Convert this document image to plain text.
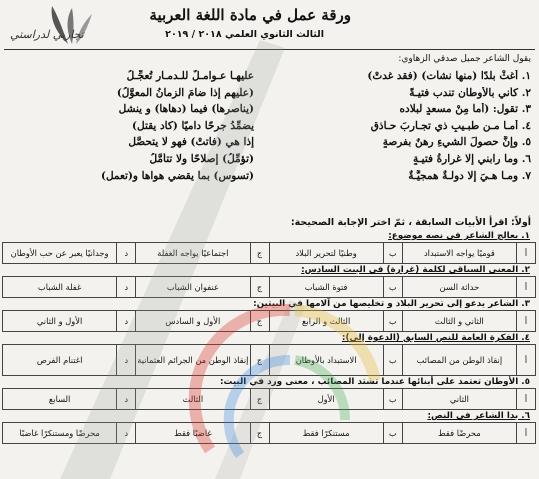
ورقة عمل في مادة اللغة العربية
الثالث الثانوي العلمي ٢٠١٨ / ٢٠١٩
تجاربي لدراستي
يقول الشاعر جميل صدقي الزهاوي:
١. أغثْ بلدًا (منها نشأت) (فقد غدتْ)
عليهـا عـوامـلٌ للـدمـار تُعجِّـلُ
٢. كأني بالأوطان تندب فتيـةً
(عليهم إذا ضامَ الزمانُ المعوَّلُ)
٣. تقول: (أما مِنْ مسعدٍ لبلاده
(يناصرها) فيما (دهاها) و ينشل
٤. أمـا مـن طبـيبٍ ذي تجـاربَ حـاذقٍ
يضمِّدُ جرحًا داميًا (كاد يقتل)
٥. وإنَّ حصولَ الشيءِ رهنٌ بفرصةٍ
إذا هي (فاتتْ) فهو لا يتحصَّل
٦. وما رابني إلا غرارةُ فتيـةٍ
(تؤمِّلُ) إصلاحًا ولا تتأمَّلُ
٧. ومـا هـيَ إلا دولـةٌ همجيَّـةٌ
(تسوس) بما يقضي هواها و(تعمل)
أولاً: اقرأ الأبيات السابقة ، ثمّ اختر الإجابة الصحيحة:
١. يعالج الشاعر في نصه موضوع:
أ	قوميًا يواجه الاستبداد	ب	وطنيًا لتحرير البلاد	ج	اجتماعيًا يواجه الغفلة	د	وجدانيًا يعبر عن حب الأوطان
٢. المعنى السياقي لكلمة (غرارة) في البيت السادس:
أ	حداثة السن	ب	فتوة الشباب	ج	عنفوان الشباب	د	غفلة الشباب
٣. الشاعر يدعو إلى تحرير البلاد و تخليصها من آلامها في البيتين:
أ	الثاني و الثالث	ب	الثالث و الرابع	ج	الأول و السادس	د	الأول و الثاني
٤. الفكرة العامة للنص السابق (الدعوة إلى):
أ	إنقاذ الوطن من المصائب	ب	الاستبداد بالأوطان	ج	إنقاذ الوطن من الجرائم العثمانية	د	اغتنام الفرص
٥. الأوطان تعتمد على أبنائها عندما تشتد المصائب ، معنى ورد في البيت:
أ	الثاني	ب	الأول	ج	الثالث	د	السابع
٦. بدا الشاعر في النص:
أ	محرضًا فقط	ب	مستنكرًا فقط	ج	غاضبًا فقط	د	محرضًا ومستنكرًا غاضبًا
